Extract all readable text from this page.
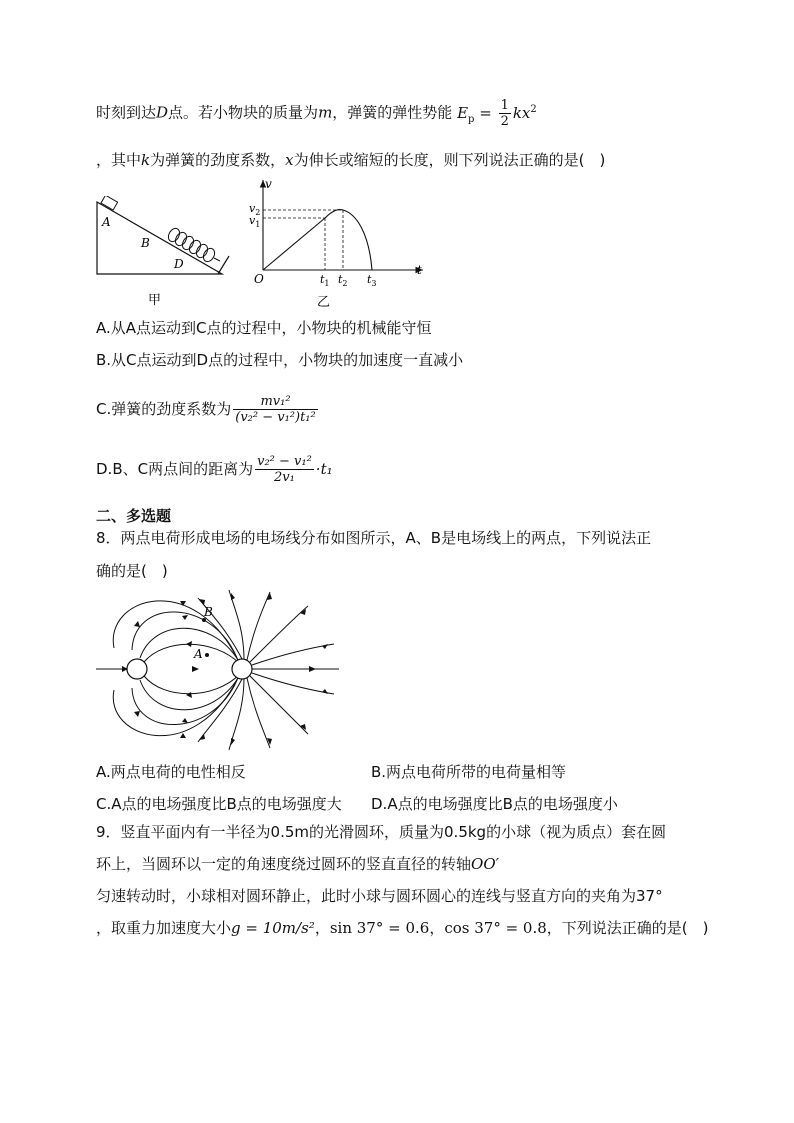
时刻到达D点。若小物块的质量为m，弹簧的弹性势能 $E_p = \frac{1}{2} kx^2$
，其中k为弹簧的劲度系数，x为伸长或缩短的长度，则下列说法正确的是(　)
A
B
D
甲
v
t
O
$v_2$
$v_1$
$t_1$ $t_2$ $t_3$
乙
A.从A点运动到C点的过程中，小物块的机械能守恒
B.从C点运动到D点的过程中，小物块的加速度一直减小
C.弹簧的劲度系数为 $\frac{\text{mv₁²}}{\text{(v₂² − v₁²)t₁²}}$
D.B、C两点间的距离为 $\frac{\text{v₂² − v₁²}}{\text{2v₁}} \cdot t_1$
二、多选题
8．两点电荷形成电场的电场线分布如图所示，A、B是电场线上的两点，下列说法正
确的是(　)
B
A
A.两点电荷的电性相反	B.两点电荷所带的电荷量相等
C.A点的电场强度比B点的电场强度大 D.A点的电场强度比B点的电场强度小
9．竖直平面内有一半径为0.5m的光滑圆环，质量为0.5kg的小球（视为质点）套在圆
环上，当圆环以一定的角速度绕过圆环的竖直直径的转轴OO′
匀速转动时，小球相对圆环静止，此时小球与圆环圆心的连线与竖直方向的夹角为37°
，取重力加速度大小g = 10m/s²，sin 37° = 0.6，cos 37° = 0.8，下列说法正确的是(　)
